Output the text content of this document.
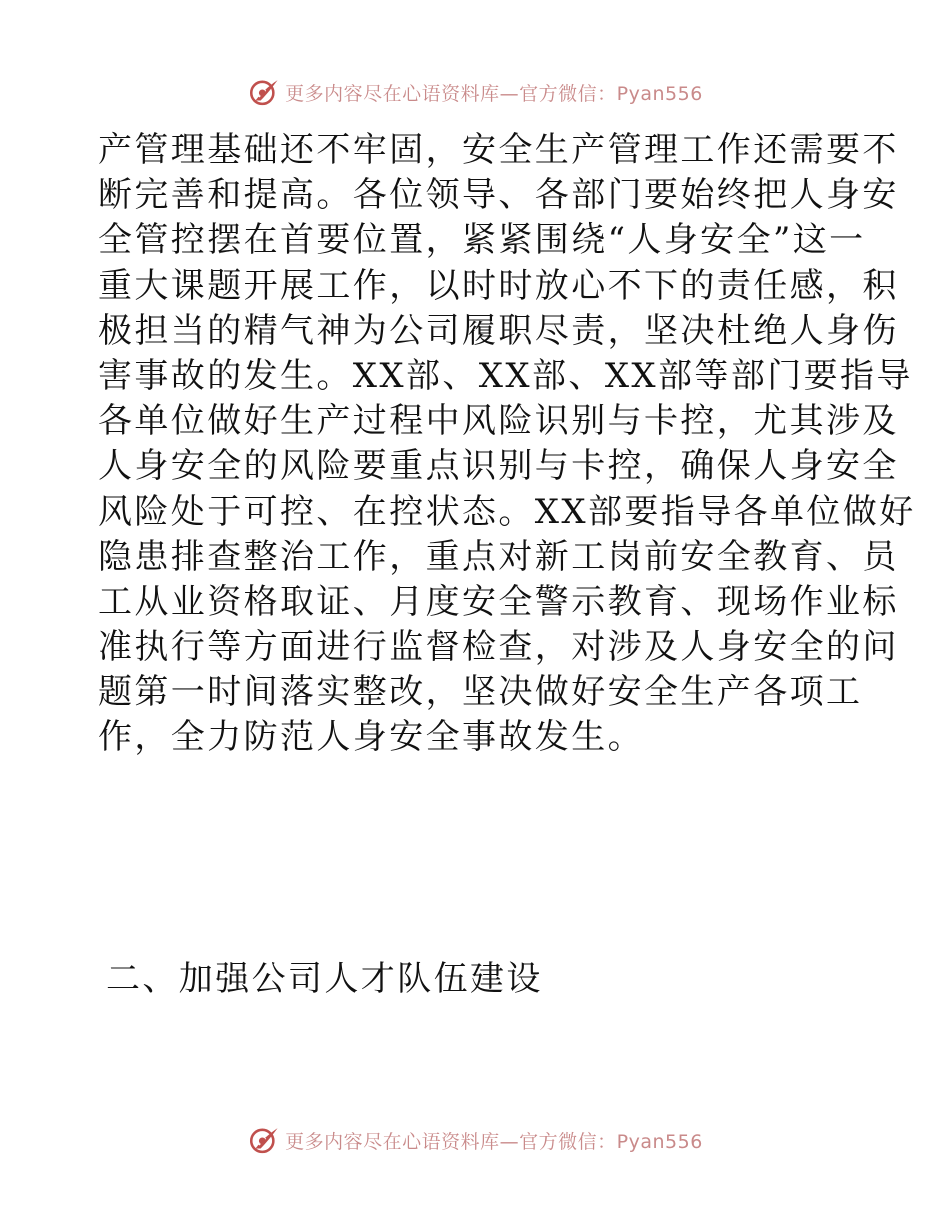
更多内容尽在心语资料库—官方微信：Pyan556
产管理基础还不牢固，安全生产管理工作还需要不
断完善和提高。各位领导、各部门要始终把人身安
全管控摆在首要位置，紧紧围绕“人身安全”这一
重大课题开展工作，以时时放心不下的责任感，积
极担当的精气神为公司履职尽责，坚决杜绝人身伤
害事故的发生。XX部、XX部、XX部等部门要指导
各单位做好生产过程中风险识别与卡控，尤其涉及
人身安全的风险要重点识别与卡控，确保人身安全
风险处于可控、在控状态。XX部要指导各单位做好
隐患排查整治工作，重点对新工岗前安全教育、员
工从业资格取证、月度安全警示教育、现场作业标
准执行等方面进行监督检查，对涉及人身安全的问
题第一时间落实整改，坚决做好安全生产各项工
作，全力防范人身安全事故发生。
二、加强公司人才队伍建设
更多内容尽在心语资料库—官方微信：Pyan556
